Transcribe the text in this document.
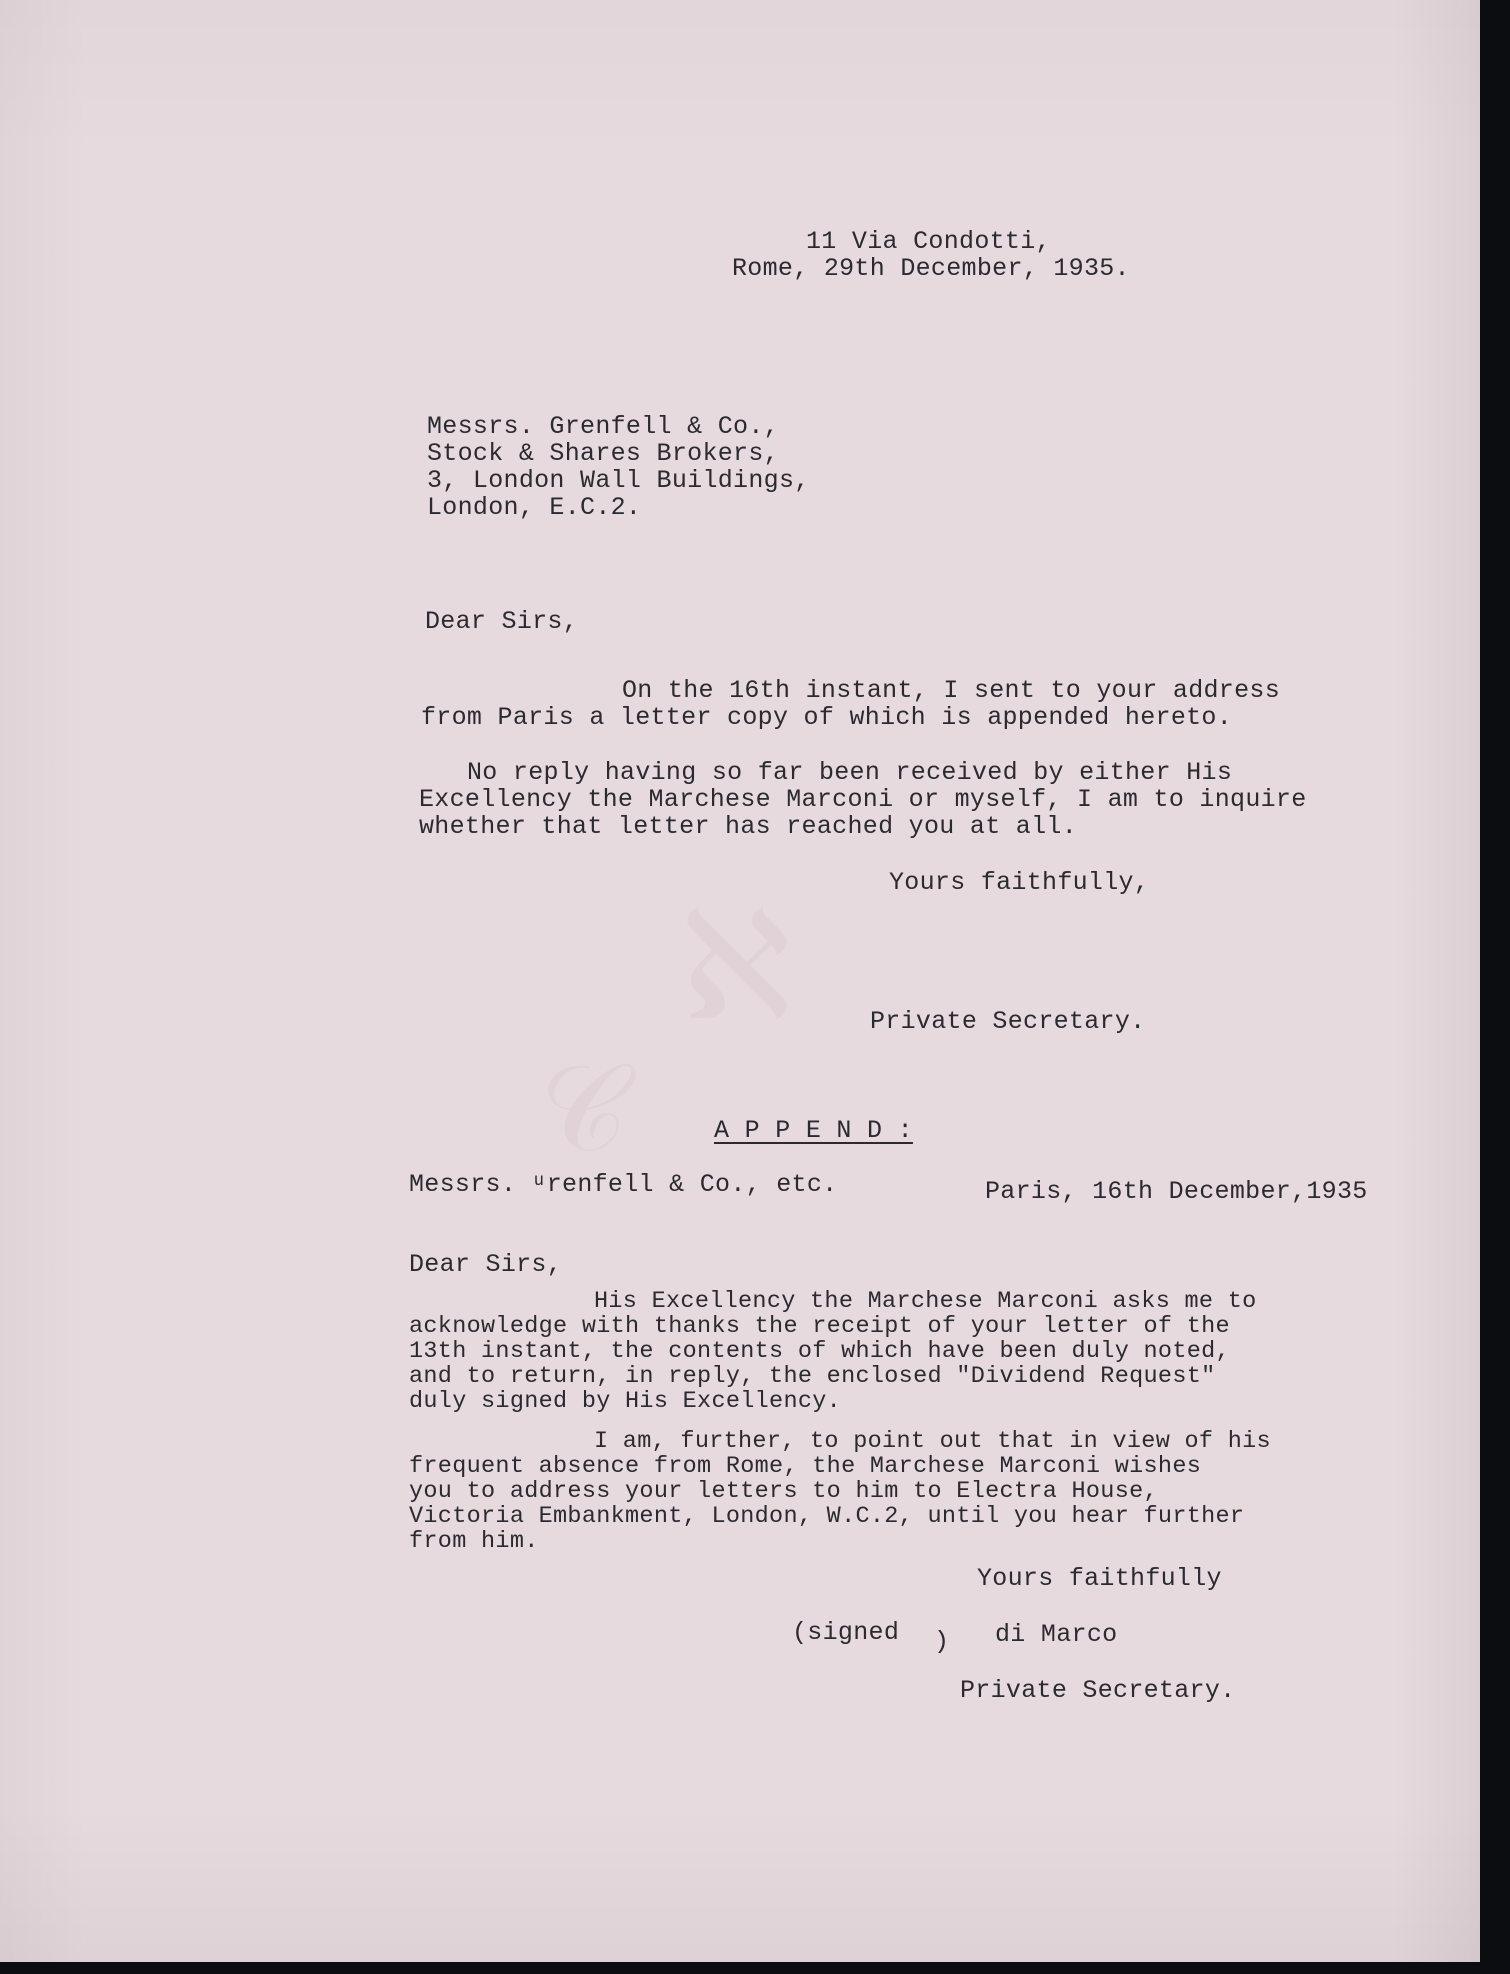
𝒞
ℵ
11 Via Condotti,
Rome, 29th December, 1935.
Messrs. Grenfell & Co.,
Stock & Shares Brokers,
3, London Wall Buildings,
London, E.C.2.
Dear Sirs,
On the 16th instant, I sent to your address
from Paris a letter copy of which is appended hereto.
No reply having so far been received by either His
Excellency the Marchese Marconi or myself, I am to inquire
whether that letter has reached you at all.
Yours faithfully,
Private Secretary.
A P P E N D :
Messrs. ᵘrenfell & Co., etc.	Paris, 16th December,1935
Dear Sirs,
His Excellency the Marchese Marconi asks me to
acknowledge with thanks the receipt of your letter of the
13th instant, the contents of which have been duly noted,
and to return, in reply, the enclosed "Dividend Request"
duly signed by His Excellency.
I am, further, to point out that in view of his
frequent absence from Rome, the Marchese Marconi wishes
you to address your letters to him to Electra House,
Victoria Embankment, London, W.C.2, until you hear further
from him.
Yours faithfully
(signed ) di Marco
Private Secretary.
